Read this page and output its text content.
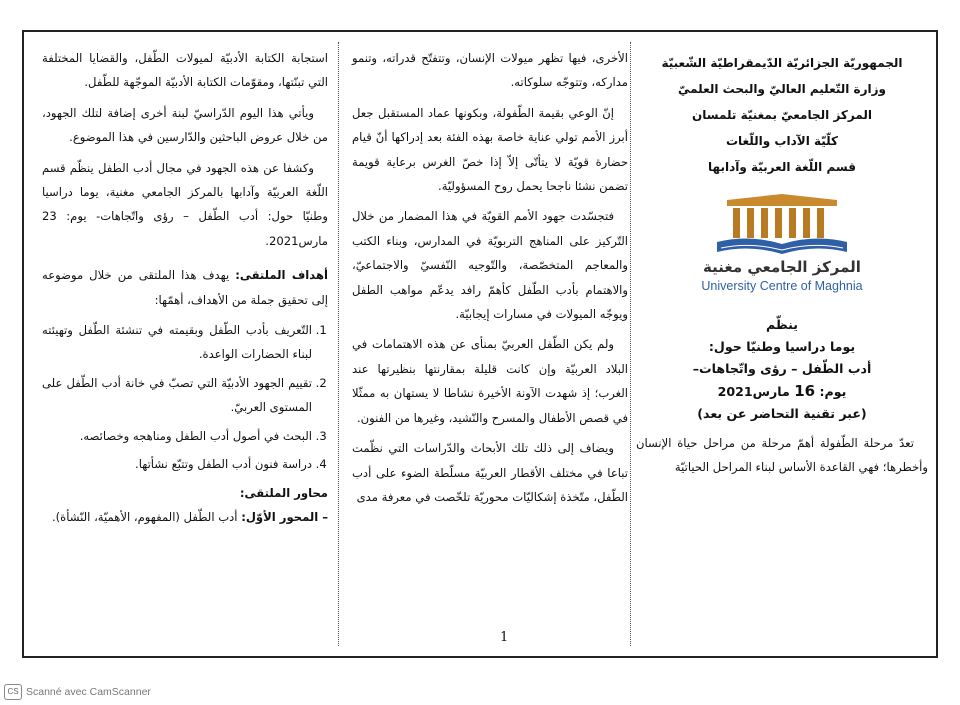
استجابة الكتابة الأدبيّة لميولات الطّفل، والقضايا المختلفة التي تبنّتها، ومقوّمات الكتابة الأدبيّة الموجّهة للطّفل.

ويأتي هذا اليوم الدّراسيّ لبنة أخرى إضافة لتلك الجهود، من خلال عروض الباحثين والدّارسين في هذا الموضوع.

وكشفا عن هذه الجهود في مجال أدب الطفل ينظّم قسم اللّغة العربيّة وآدابها بالمركز الجامعي مغنية، يوما دراسيا وطنيّا حول: أدب الطّفل – رؤى واتّجاهات- يوم: 23 مارس2021.

أهداف الملتقى: يهدف هذا الملتقى من خلال موضوعه إلى تحقيق جملة من الأهداف، أهمّها:

1. التّعريف بأدب الطّفل وبقيمته في تنشئة الطّفل وتهيئته لبناء الحضارات الواعدة.
2. تقييم الجهود الأدبيّة التي تصبّ في خانة أدب الطّفل على المستوى العربيّ.
3. البحث في أصول أدب الطفل ومناهجه وخصائصه.
4. دراسة فنون أدب الطفل وتتبّع نشأتها.

محاور الملتقى:

– المحور الأوّل: أدب الطّفل (المفهوم، الأهميّة، النّشأة).

الأخرى، فيها تظهر ميولات الإنسان، وتتفتّح قدراته، وتنمو مداركه، وتتوجّه سلوكاته.

إنّ الوعي بقيمة الطّفولة، وبكونها عماد المستقبل جعل أبرز الأمم تولي عناية خاصة بهذه الفئة بعد إدراكها أنّ قيام حضارة قويّة لا يتأتّى إلاّ إذا خصّ الغرس برعاية قويمة تضمن نشئا ناجحا يحمل روح المسؤوليّة.

فتجسّدت جهود الأمم القويّة في هذا المضمار من خلال التّركيز على المناهج التربويّة في المدارس، وبناء الكتب والمعاجم المتخصّصة، والتّوجيه النّفسيّ والاجتماعيّ، والاهتمام بأدب الطّفل كأهمّ رافد يدعّم مواهب الطفل ويوجّه الميولات في مسارات إيجابيّة.

ولم يكن الطّفل العربيّ بمنأى عن هذه الاهتمامات في البلاد العربيّة وإن كانت قليلة بمقارنتها بنظيرتها عند الغرب؛ إذ شهدت الآونة الأخيرة نشاطا لا يستهان به ممثّلا في قصص الأطفال والمسرح والنّشيد، وغيرها من الفنون.

ويضاف إلى ذلك تلك الأبحاث والدّراسات التي نظّمت تباعا في مختلف الأقطار العربيّة مسلّطة الضوء على أدب الطّفل، متّخذة إشكاليّات محوريّة تلخّصت في معرفة مدى

الجمهوريّة الجزائريّة الدّيمقراطيّة الشّعبيّة

وزارة التّعليم العاليّ والبحث العلميّ

المركز الجامعيّ بمغنيّة تلمسان

كلّيّة الآداب واللّغات

قسم اللّغة العربيّة وآدابها

المركز الجامعي مغنية
University Centre of Maghnia

ينظّم

يوما دراسيا وطنيّا حول:

أدب الطّفل – رؤى واتّجاهات–

يوم: 16 مارس2021

(عبر تقنية التحاضر عن بعد)

تعدّ مرحلة الطّفولة أهمّ مرحلة من مراحل حياة الإنسان وأخطرها؛ فهي القاعدة الأساس لبناء المراحل الحياتيّة

1
CS Scanné avec CamScanner
